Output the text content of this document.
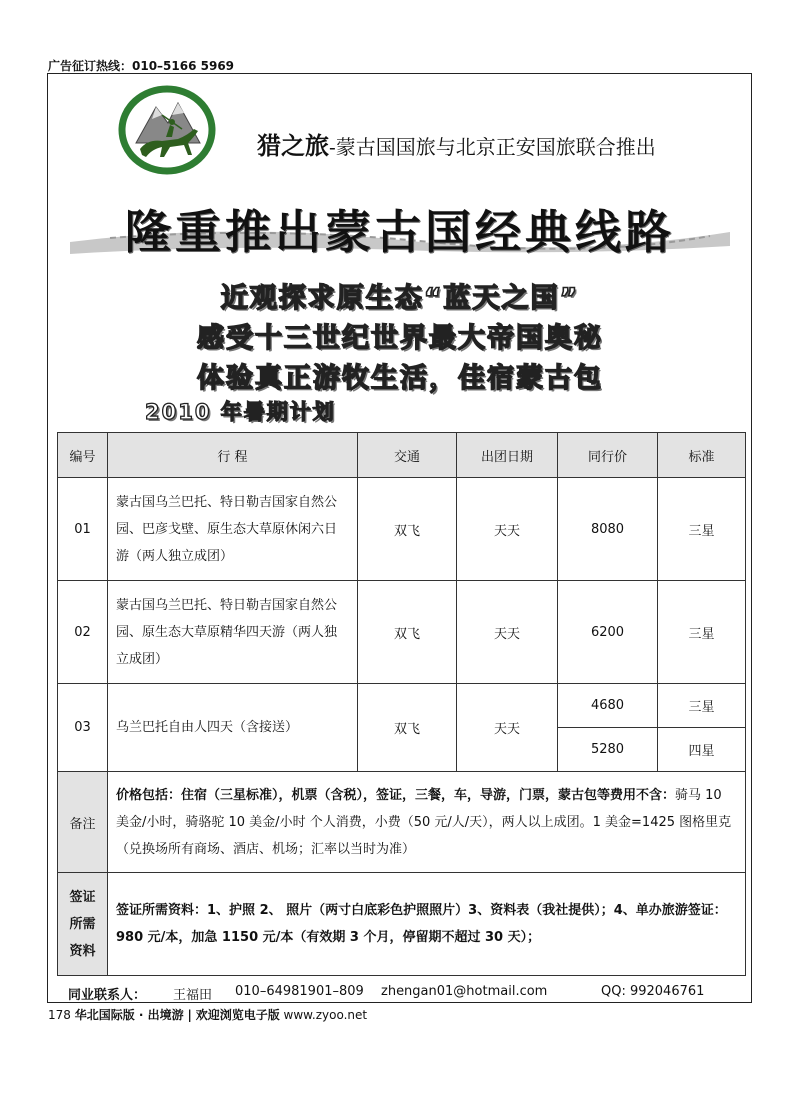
广告征订热线：010–5166 5969
猎之旅-蒙古国国旅与北京正安国旅联合推出
隆重推出蒙古国经典线路
近观探求原生态“蓝天之国”
感受十三世纪世界最大帝国奥秘
体验真正游牧生活，佳宿蒙古包
2010 年暑期计划
编号	行 程	交通	出团日期	同行价	标准
01	蒙古国乌兰巴托、特日勒吉国家自然公园、巴彦戈壁、原生态大草原休闲六日游（两人独立成团）	双飞	天天	8080	三星
02	蒙古国乌兰巴托、特日勒吉国家自然公园、原生态大草原精华四天游（两人独立成团）	双飞	天天	6200	三星
03	乌兰巴托自由人四天（含接送）	双飞	天天	4680	三星
				5280	四星
备注	价格包括：住宿（三星标准），机票（含税），签证，三餐，车，导游，门票，蒙古包等费用不含：骑马 10 美金/小时，骑骆驼 10 美金/小时 个人消费，小费（50 元/人/天），两人以上成团。1 美金=1425 图格里克 （兑换场所有商场、酒店、机场；汇率以当时为准）				
签证
所需
资料	签证所需资料：1、护照 2、 照片（两寸白底彩色护照照片）3、资料表（我社提供）；4、单办旅游签证：980 元/本，加急 1150 元/本（有效期 3 个月，停留期不超过 30 天）；				
同业联系人： 王福田 010–64981901–809 zhengan01@hotmail.com	QQ: 992046761
178 华北国际版 · 出境游 | 欢迎浏览电子版 www.zyoo.net
